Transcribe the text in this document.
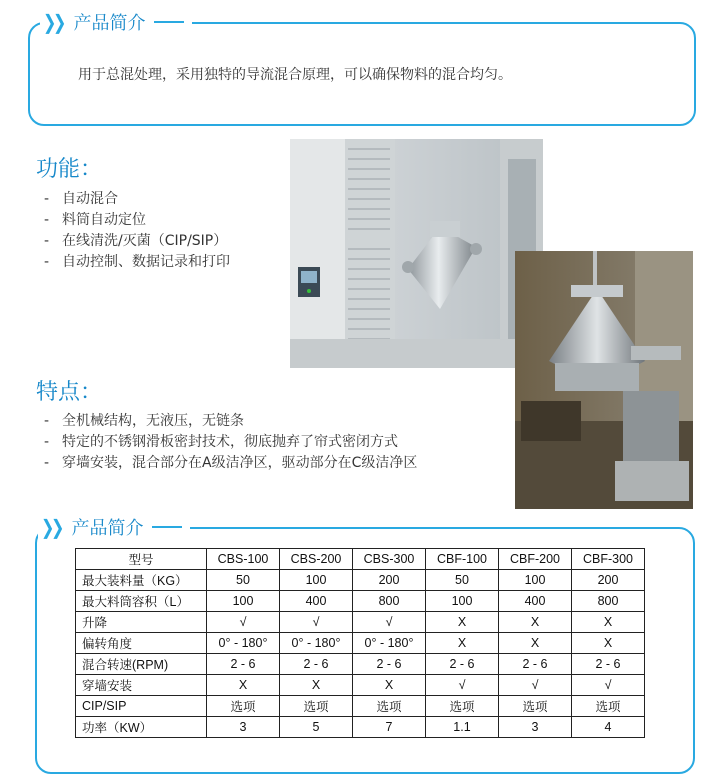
❯❯ 产品简介
用于总混处理，采用独特的导流混合原理，可以确保物料的混合均匀。
功能：
- 自动混合
- 料筒自动定位
- 在线清洗/灭菌（CIP/SIP）
- 自动控制、数据记录和打印
特点：
- 全机械结构，无液压，无链条
- 特定的不锈钢滑板密封技术，彻底抛弃了帘式密闭方式
- 穿墙安装，混合部分在A级洁净区，驱动部分在C级洁净区
❯❯ 产品简介
型号	CBS-100	CBS-200	CBS-300	CBF-100	CBF-200	CBF-300
最大装料量（KG）	50	100	200	50	100	200
最大料筒容积（L）	100	400	800	100	400	800
升降	√	√	√	X	X	X
偏转角度	0° - 180°	0° - 180°	0° - 180°	X	X	X
混合转速(RPM)	2 - 6	2 - 6	2 - 6	2 - 6	2 - 6	2 - 6
穿墙安装	X	X	X	√	√	√
CIP/SIP	选项	选项	选项	选项	选项	选项
功率（KW）	3	5	7	1.1	3	4
